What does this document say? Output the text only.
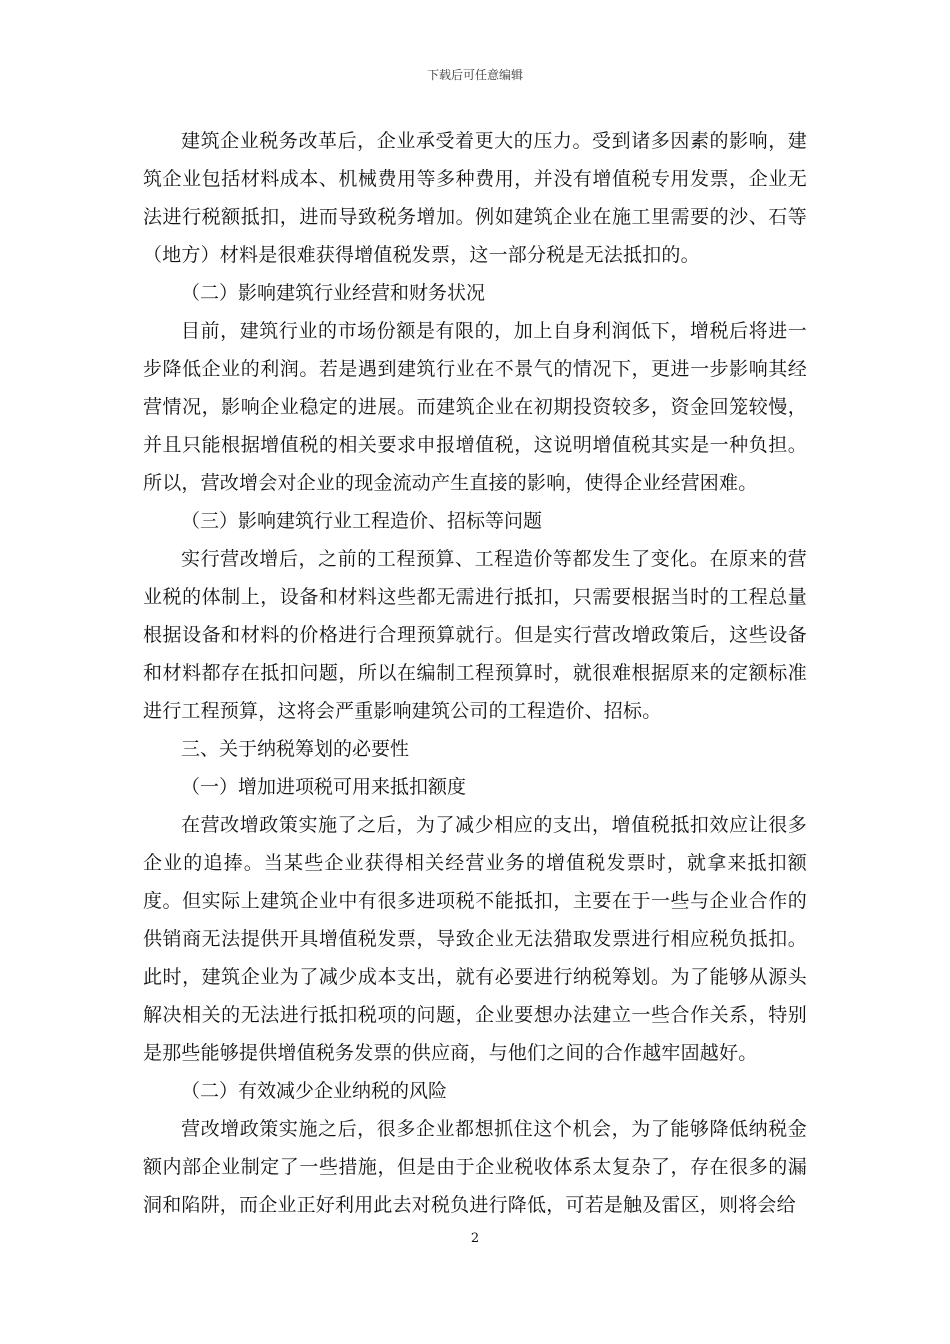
下载后可任意编辑

建筑企业税务改革后，企业承受着更大的压力。受到诸多因素的影响，建筑企业包括材料成本、机械费用等多种费用，并没有增值税专用发票，企业无法进行税额抵扣，进而导致税务增加。例如建筑企业在施工里需要的沙、石等（地方）材料是很难获得增值税发票，这一部分税是无法抵扣的。

（二）影响建筑行业经营和财务状况

目前，建筑行业的市场份额是有限的，加上自身利润低下，增税后将进一步降低企业的利润。若是遇到建筑行业在不景气的情况下，更进一步影响其经营情况，影响企业稳定的进展。而建筑企业在初期投资较多，资金回笼较慢，并且只能根据增值税的相关要求申报增值税，这说明增值税其实是一种负担。所以，营改增会对企业的现金流动产生直接的影响，使得企业经营困难。

（三）影响建筑行业工程造价、招标等问题

实行营改增后，之前的工程预算、工程造价等都发生了变化。在原来的营业税的体制上，设备和材料这些都无需进行抵扣，只需要根据当时的工程总量根据设备和材料的价格进行合理预算就行。但是实行营改增政策后，这些设备和材料都存在抵扣问题，所以在编制工程预算时，就很难根据原来的定额标准进行工程预算，这将会严重影响建筑公司的工程造价、招标。

三、关于纳税筹划的必要性

（一）增加进项税可用来抵扣额度

在营改增政策实施了之后，为了减少相应的支出，增值税抵扣效应让很多企业的追捧。当某些企业获得相关经营业务的增值税发票时，就拿来抵扣额度。但实际上建筑企业中有很多进项税不能抵扣，主要在于一些与企业合作的供销商无法提供开具增值税发票，导致企业无法猎取发票进行相应税负抵扣。此时，建筑企业为了减少成本支出，就有必要进行纳税筹划。为了能够从源头解决相关的无法进行抵扣税项的问题，企业要想办法建立一些合作关系，特别是那些能够提供增值税务发票的供应商，与他们之间的合作越牢固越好。

（二）有效减少企业纳税的风险

营改增政策实施之后，很多企业都想抓住这个机会，为了能够降低纳税金额内部企业制定了一些措施，但是由于企业税收体系太复杂了，存在很多的漏洞和陷阱，而企业正好利用此去对税负进行降低，可若是触及雷区，则将会给

2
